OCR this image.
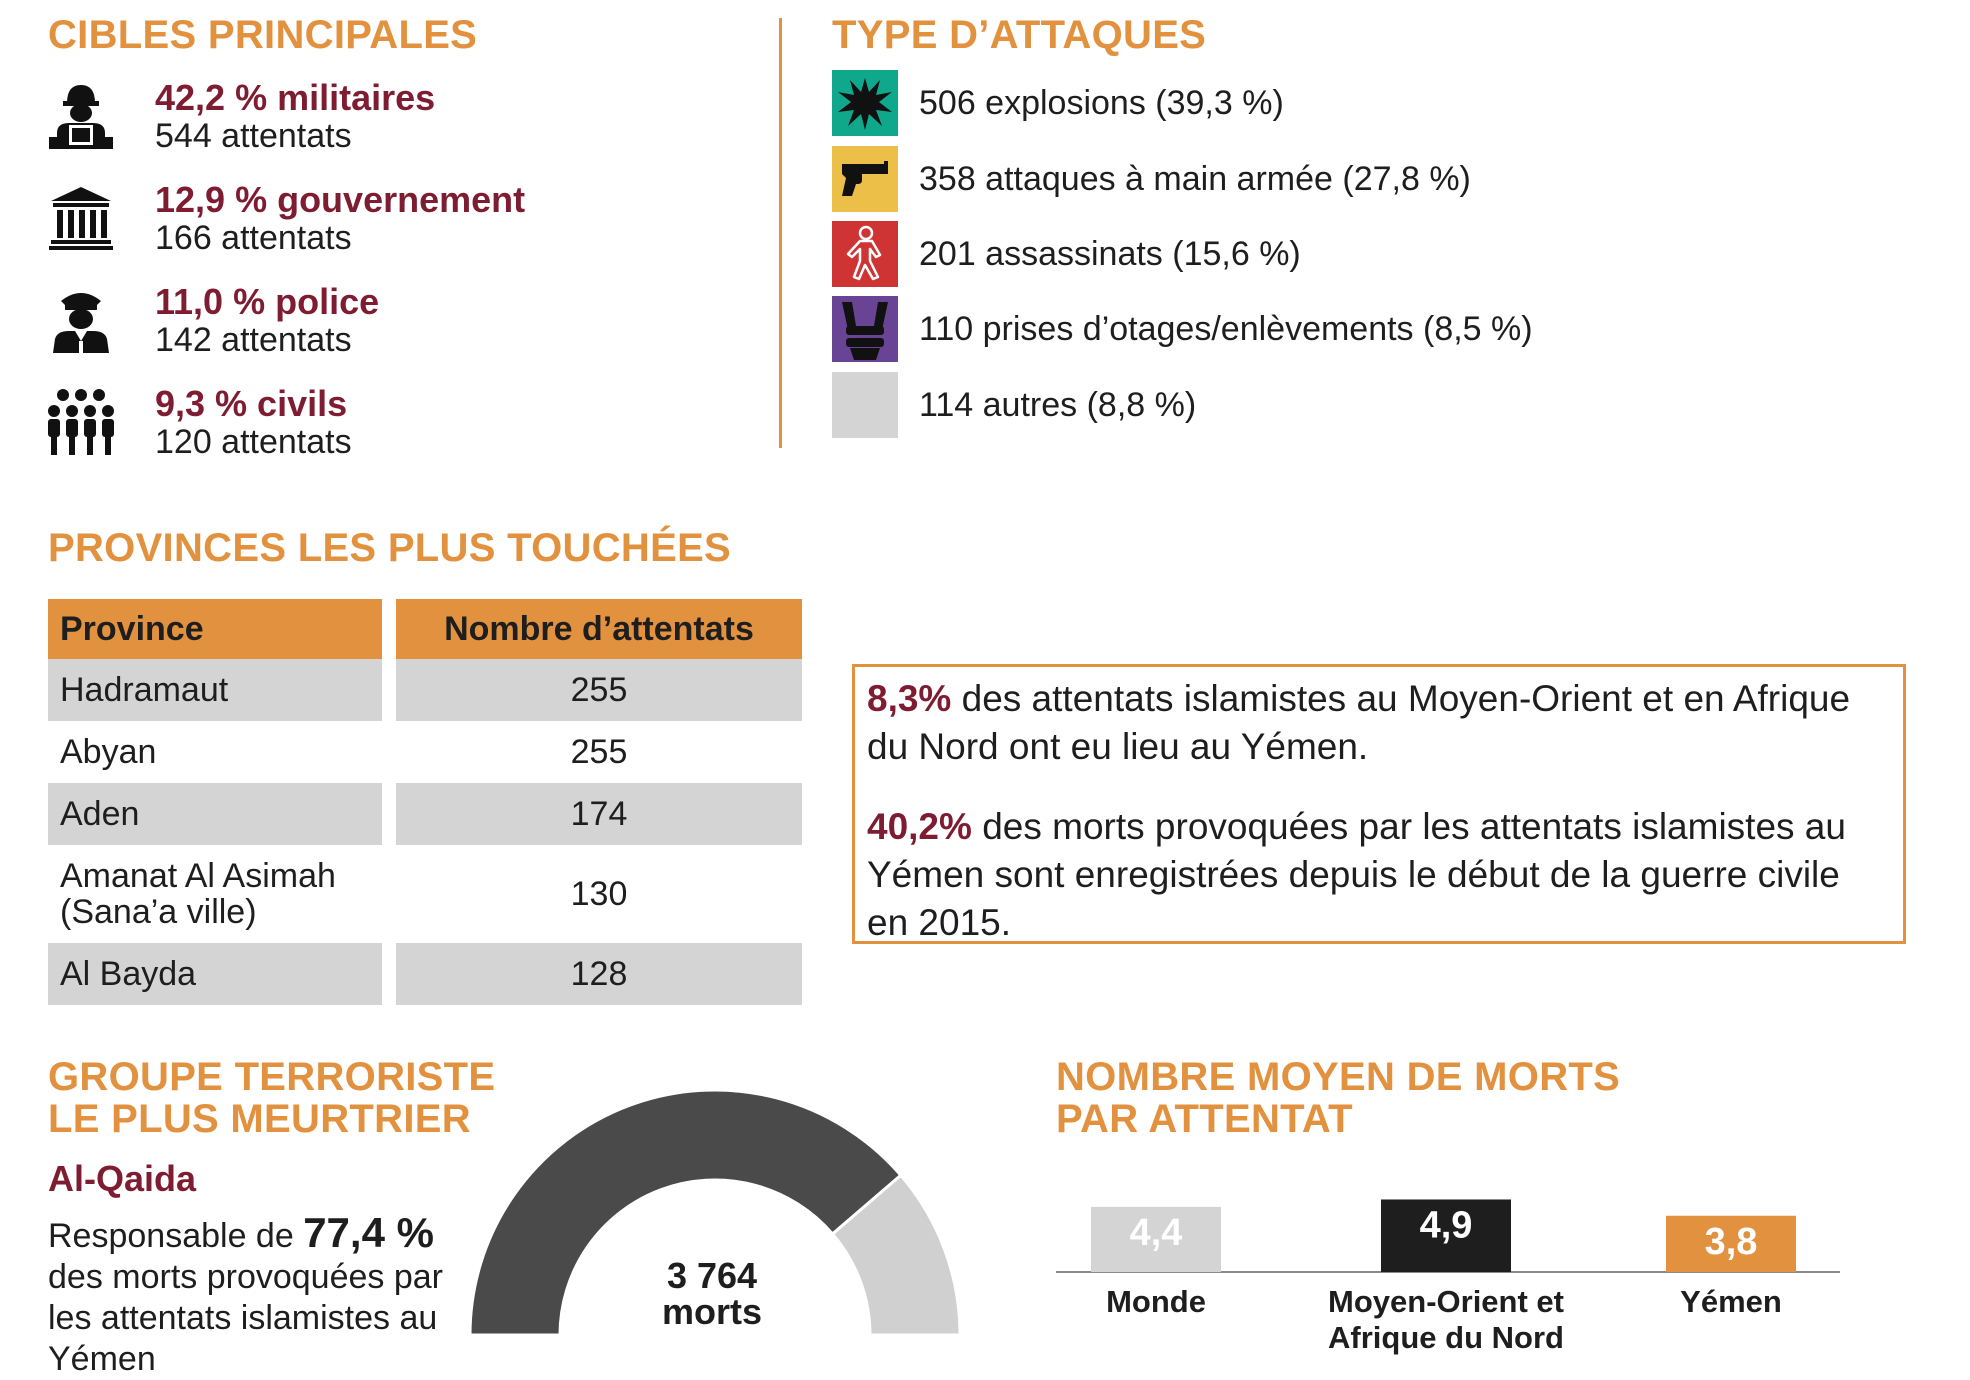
CIBLES PRINCIPALES
42,2 % militaires
544 attentats
12,9 % gouvernement
166 attentats
11,0 % police
142 attentats
9,3 % civils
120 attentats
TYPE D’ATTAQUES
506 explosions (39,3 %)
358 attaques à main armée (27,8 %)
201 assassinats (15,6 %)
110 prises d’otages/enlèvements (8,5 %)
114 autres (8,8 %)
PROVINCES LES PLUS TOUCHÉES
Province		Nombre d’attentats
Hadramaut		255
Abyan		255
Aden		174

Amanat Al Asimah
(Sana’a ville)		130
Al Bayda		128

8,3% des attentats islamistes au Moyen-Orient et en Afrique du Nord ont eu lieu au Yémen.

40,2% des morts provoquées par les attentats islamistes au Yémen sont enregistrées depuis le début de la guerre civile en 2015.

GROUPE TERRORISTE
LE PLUS MEURTRIER
Al-Qaida
Responsable de 77,4 %
des morts provoquées par les attentats islamistes au Yémen
3 764
morts
NOMBRE MOYEN DE MORTS
PAR ATTENTAT
4,4
Monde
4,9
Moyen-Orient et
Afrique du Nord
3,8
Yémen
